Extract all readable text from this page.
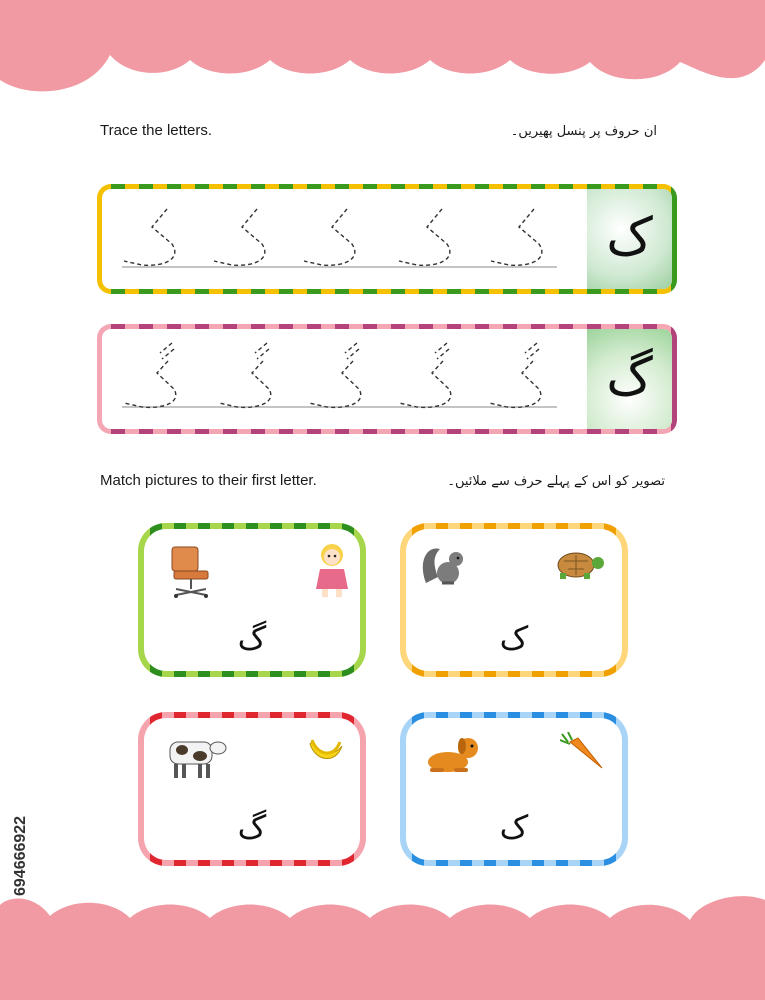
Trace the letters.	ان حروف پر پنسل پھیریں۔
ک
گ
Match pictures to their first letter.	تصویر کو اس کے پہلے حرف سے ملائیں۔
گ	ک
گ	ک
694666922
